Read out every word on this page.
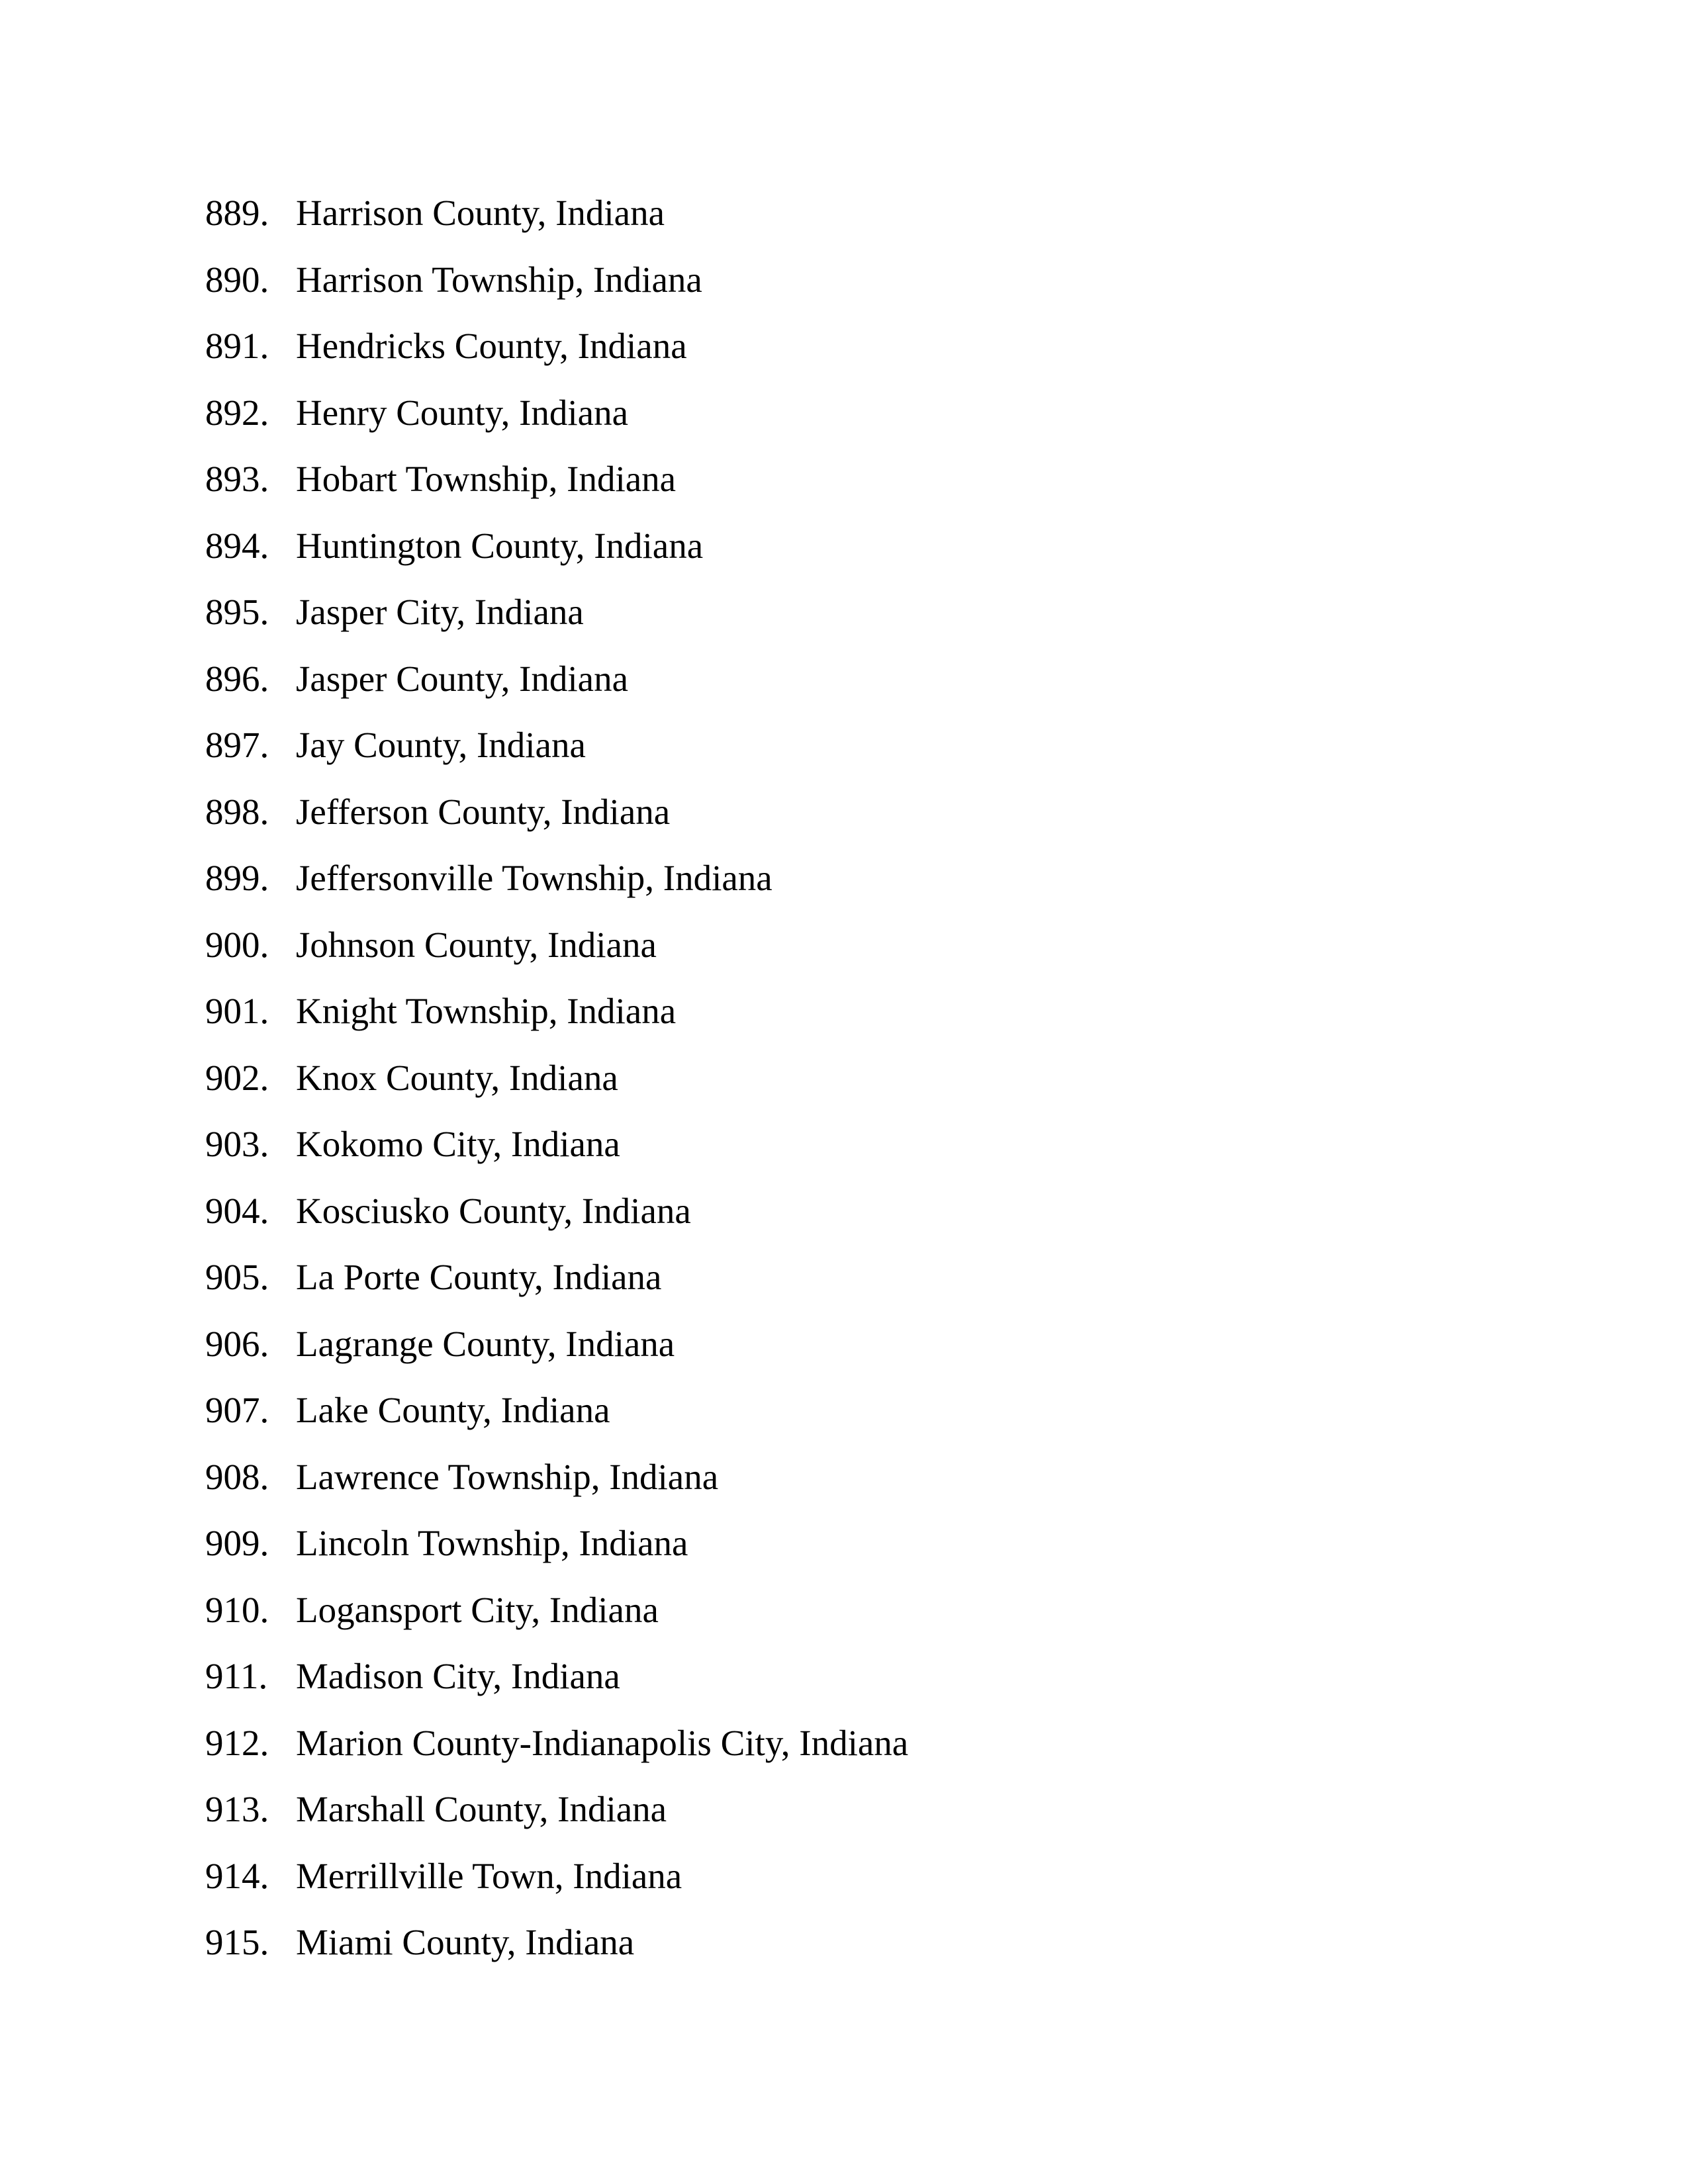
889. Harrison County, Indiana
890. Harrison Township, Indiana
891. Hendricks County, Indiana
892. Henry County, Indiana
893. Hobart Township, Indiana
894. Huntington County, Indiana
895. Jasper City, Indiana
896. Jasper County, Indiana
897. Jay County, Indiana
898. Jefferson County, Indiana
899. Jeffersonville Township, Indiana
900. Johnson County, Indiana
901. Knight Township, Indiana
902. Knox County, Indiana
903. Kokomo City, Indiana
904. Kosciusko County, Indiana
905. La Porte County, Indiana
906. Lagrange County, Indiana
907. Lake County, Indiana
908. Lawrence Township, Indiana
909. Lincoln Township, Indiana
910. Logansport City, Indiana
911. Madison City, Indiana
912. Marion County-Indianapolis City, Indiana
913. Marshall County, Indiana
914. Merrillville Town, Indiana
915. Miami County, Indiana
